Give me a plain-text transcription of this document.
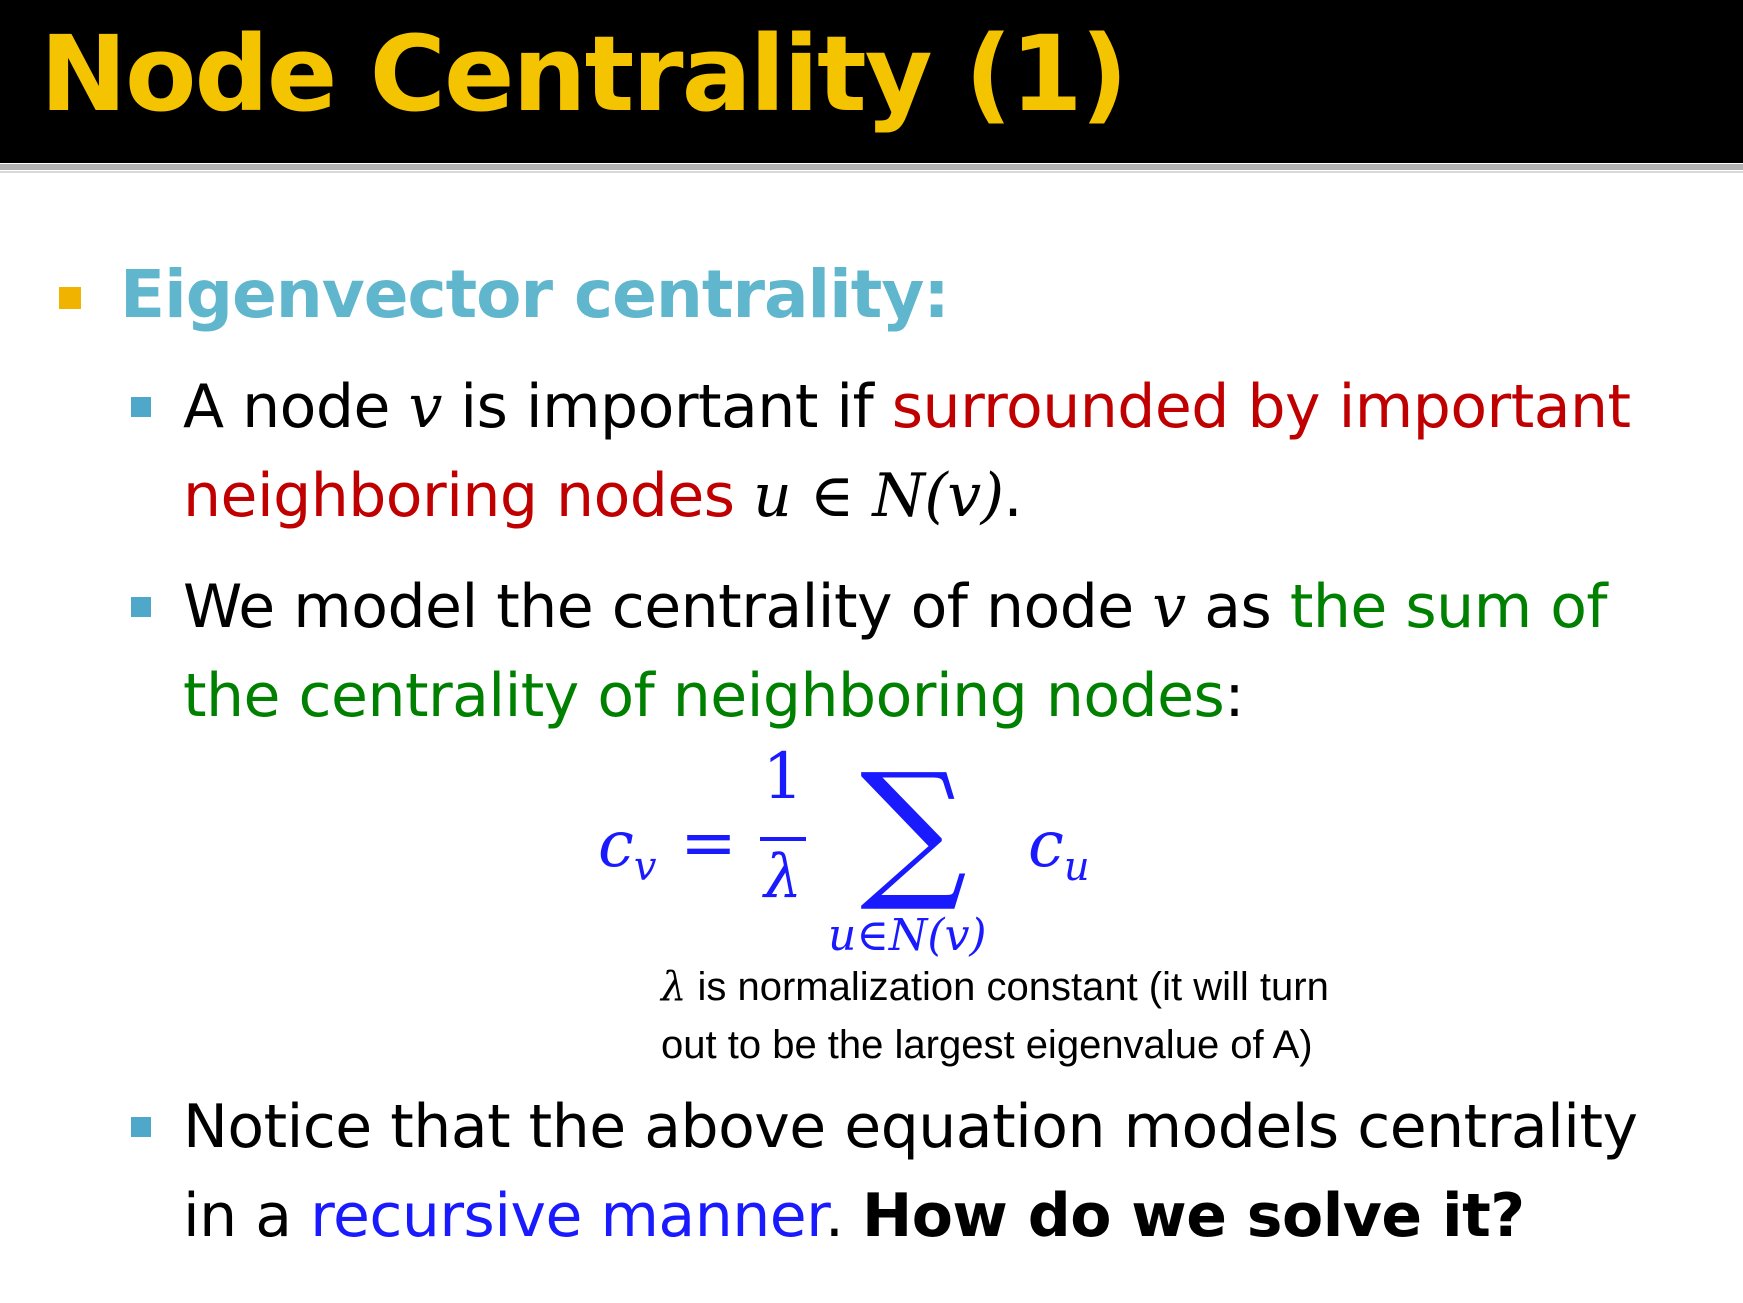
Node Centrality (1)
Eigenvector centrality:
A node v is important if surrounded by important
neighboring nodes u ∈ N(v).
We model the centrality of node v as the sum of
the centrality of neighboring nodes:
$c_v$ =
1
λ ∑
u∈N(v)
$c_u$
λ is normalization constant (it will turn
out to be the largest eigenvalue of A)
Notice that the above equation models centrality
in a recursive manner. How do we solve it?
